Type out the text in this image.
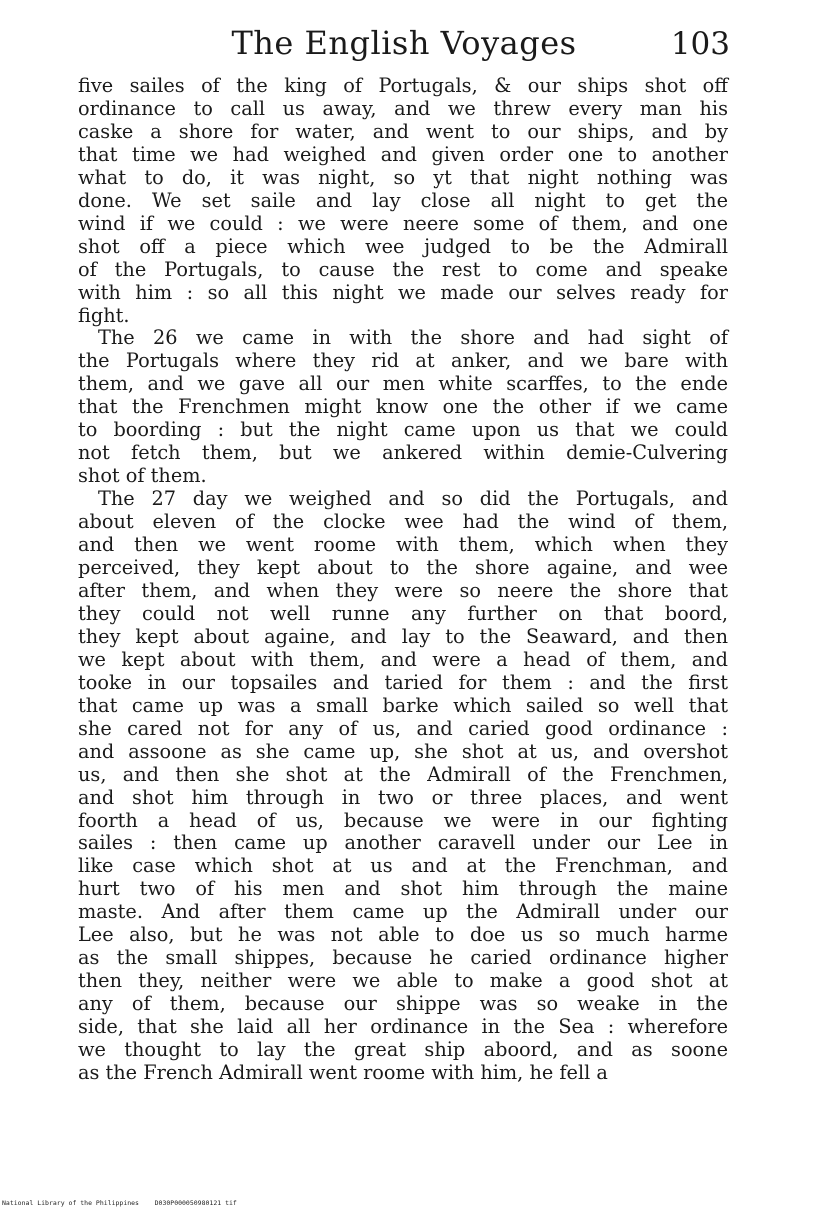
The English Voyages	103

five sailes of the king of Portugals, & our ships shot off
ordinance to call us away, and we threw every man his
caske a shore for water, and went to our ships, and by
that time we had weighed and given order one to another
what to do, it was night, so yt that night nothing was
done. We set saile and lay close all night to get the
wind if we could : we were neere some of them, and one
shot off a piece which wee judged to be the Admirall
of the Portugals, to cause the rest to come and speake
with him : so all this night we made our selves ready for
fight.

The 26 we came in with the shore and had sight of
the Portugals where they rid at anker, and we bare with
them, and we gave all our men white scarffes, to the ende
that the Frenchmen might know one the other if we came
to boording : but the night came upon us that we could
not fetch them, but we ankered within demie-Culvering
shot of them.

The 27 day we weighed and so did the Portugals, and
about eleven of the clocke wee had the wind of them,
and then we went roome with them, which when they
perceived, they kept about to the shore againe, and wee
after them, and when they were so neere the shore that
they could not well runne any further on that boord,
they kept about againe, and lay to the Seaward, and then
we kept about with them, and were a head of them, and
tooke in our topsailes and taried for them : and the first
that came up was a small barke which sailed so well that
she cared not for any of us, and caried good ordinance :
and assoone as she came up, she shot at us, and overshot
us, and then she shot at the Admirall of the Frenchmen,
and shot him through in two or three places, and went
foorth a head of us, because we were in our fighting
sailes : then came up another caravell under our Lee in
like case which shot at us and at the Frenchman, and
hurt two of his men and shot him through the maine
maste. And after them came up the Admirall under our
Lee also, but he was not able to doe us so much harme
as the small shippes, because he caried ordinance higher
then they, neither were we able to make a good shot at
any of them, because our shippe was so weake in the
side, that she laid all her ordinance in the Sea : wherefore
we thought to lay the great ship aboord, and as soone
as the French Admirall went roome with him, he fell a

National Library of the Philippines D030P000050980121 tif
